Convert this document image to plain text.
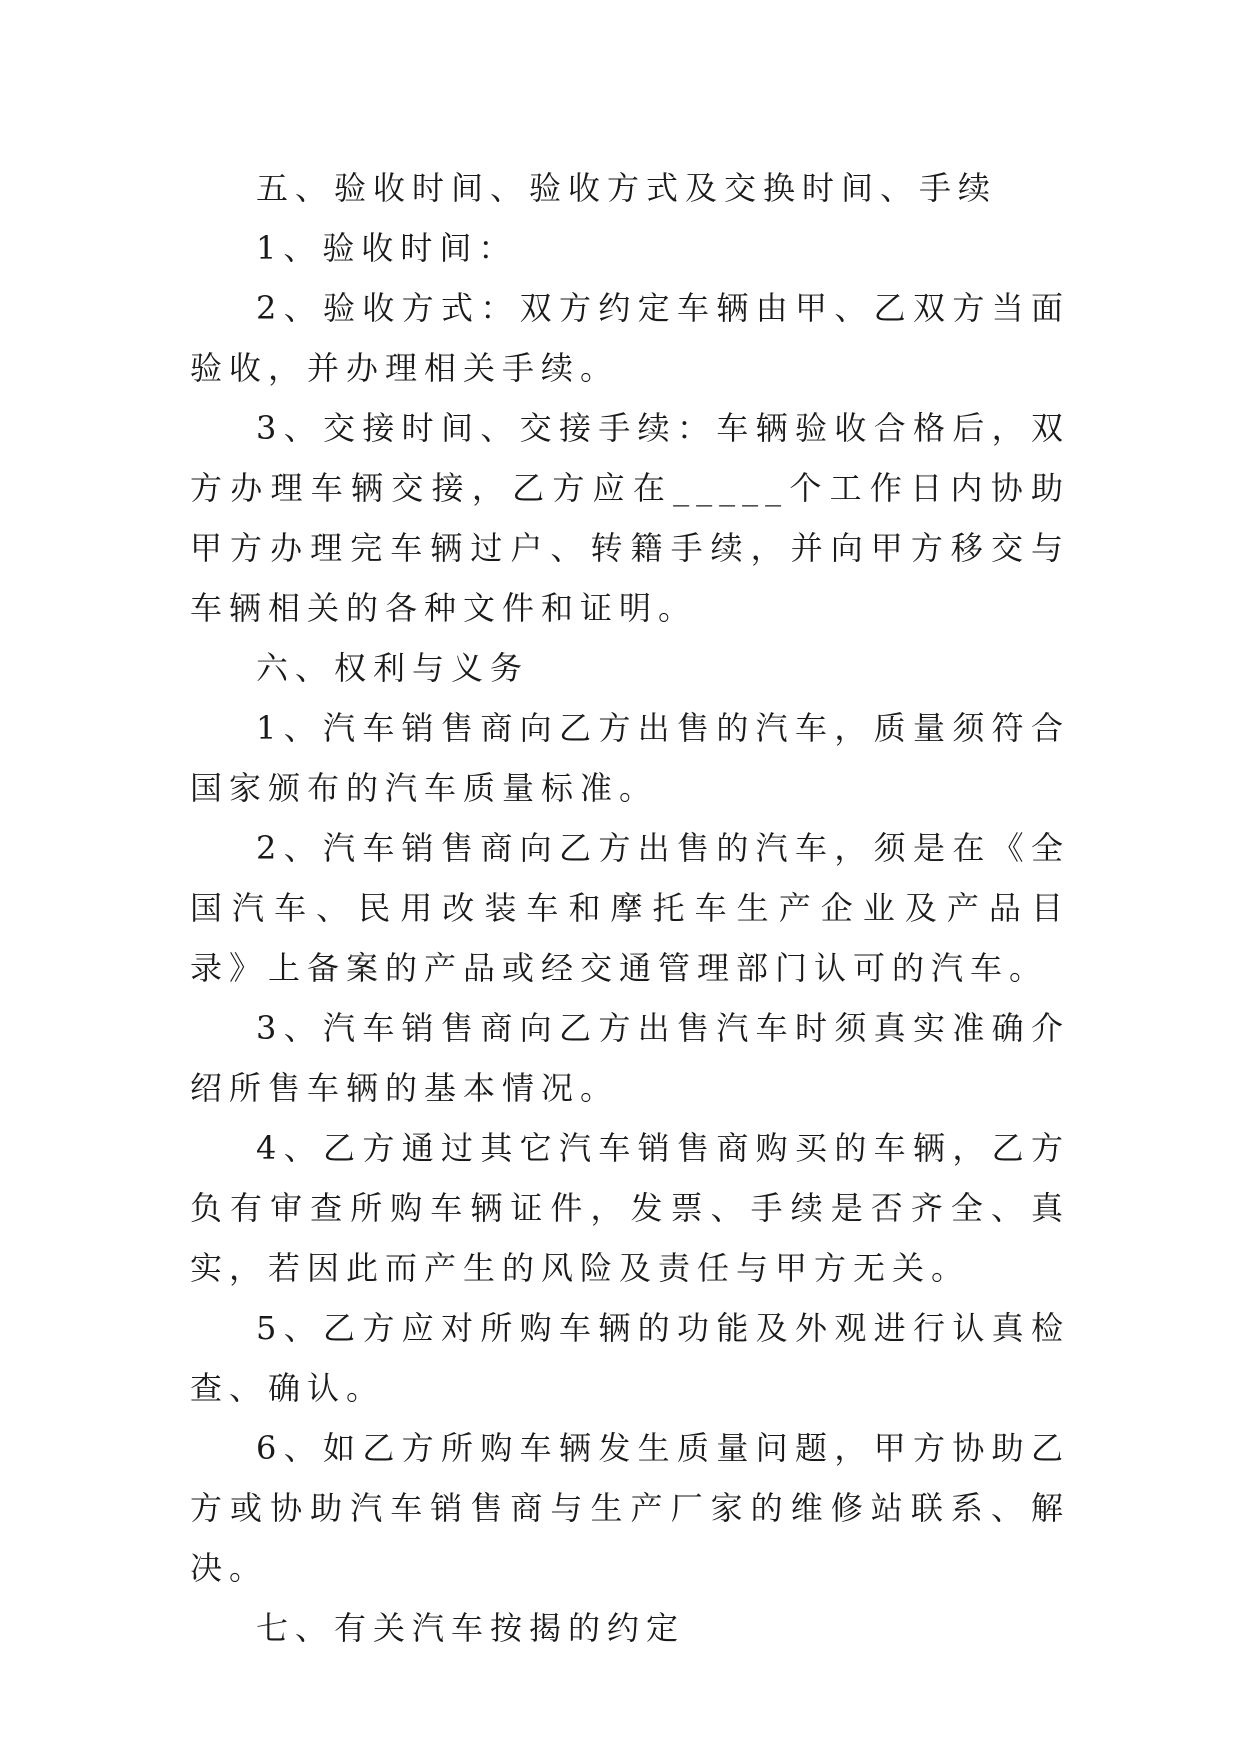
五、验收时间、验收方式及交换时间、手续

1、验收时间：

2、验收方式：双方约定车辆由甲、乙双方当面验收，并办理相关手续。

3、交接时间、交接手续：车辆验收合格后，双方办理车辆交接，乙方应在_____个工作日内协助甲方办理完车辆过户、转籍手续，并向甲方移交与车辆相关的各种文件和证明。

六、权利与义务

1、汽车销售商向乙方出售的汽车，质量须符合国家颁布的汽车质量标准。

2、汽车销售商向乙方出售的汽车，须是在《全国汽车、民用改装车和摩托车生产企业及产品目录》上备案的产品或经交通管理部门认可的汽车。

3、汽车销售商向乙方出售汽车时须真实准确介绍所售车辆的基本情况。

4、乙方通过其它汽车销售商购买的车辆，乙方负有审查所购车辆证件，发票、手续是否齐全、真实，若因此而产生的风险及责任与甲方无关。

5、乙方应对所购车辆的功能及外观进行认真检查、确认。

6、如乙方所购车辆发生质量问题，甲方协助乙方或协助汽车销售商与生产厂家的维修站联系、解决。

七、有关汽车按揭的约定
